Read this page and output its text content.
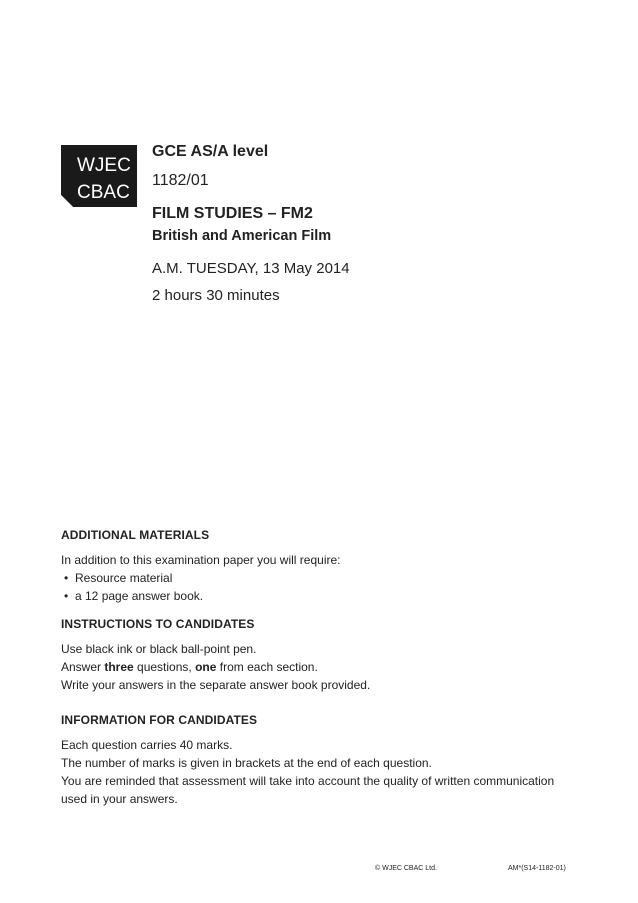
WJEC
CBAC
GCE AS/A level
1182/01
FILM STUDIES – FM2
British and American Film
A.M. TUESDAY, 13 May 2014
2 hours 30 minutes

ADDITIONAL MATERIALS

In addition to this examination paper you will require:

• Resource material
• a 12 page answer book.

INSTRUCTIONS TO CANDIDATES

Use black ink or black ball-point pen.

Answer three questions, one from each section.

Write your answers in the separate answer book provided.

INFORMATION FOR CANDIDATES

Each question carries 40 marks.

The number of marks is given in brackets at the end of each question.

You are reminded that assessment will take into account the quality of written communication used in your answers.

© WJEC CBAC Ltd.	AM*(S14-1182-01)
